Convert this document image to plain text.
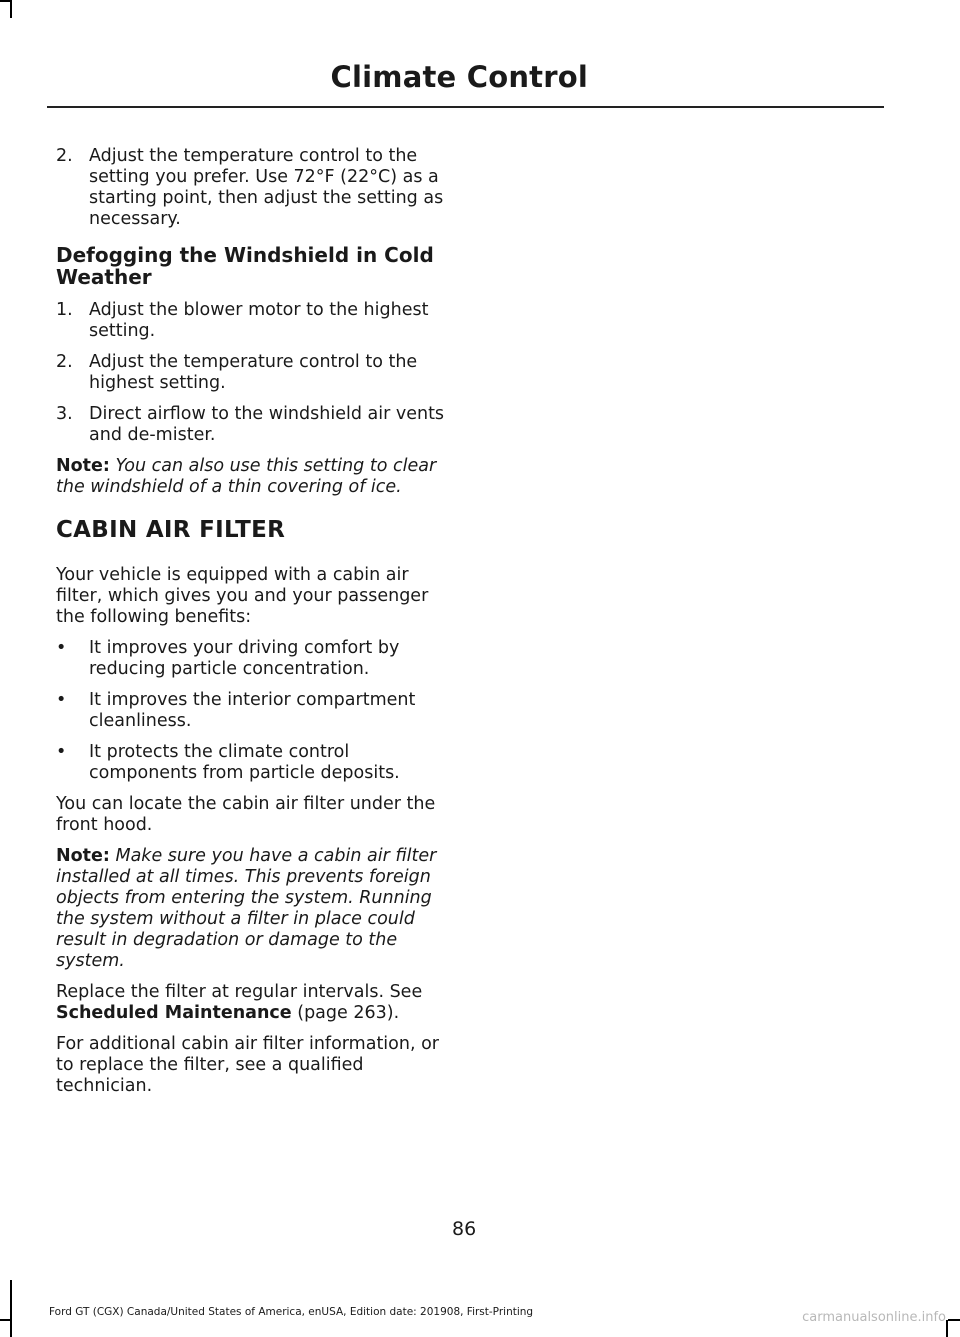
Climate Control
2. Adjust the temperature control to the setting you prefer. Use 72°F (22°C) as a starting point, then adjust the setting as necessary.
Defogging the Windshield in Cold Weather
1. Adjust the blower motor to the highest setting.
2. Adjust the temperature control to the highest setting.
3. Direct airflow to the windshield air vents and de-mister.

Note: You can also use this setting to clear the windshield of a thin covering of ice.

CABIN AIR FILTER

Your vehicle is equipped with a cabin air filter, which gives you and your passenger the following benefits:

• It improves your driving comfort by reducing particle concentration.
• It improves the interior compartment cleanliness.
• It protects the climate control components from particle deposits.

You can locate the cabin air filter under the front hood.

Note: Make sure you have a cabin air filter installed at all times. This prevents foreign objects from entering the system. Running the system without a filter in place could result in degradation or damage to the system.

Replace the filter at regular intervals. See
Scheduled Maintenance (page 263).

For additional cabin air filter information, or to replace the filter, see a qualified technician.

86
Ford GT (CGX) Canada/United States of America, enUSA, Edition date: 201908, First-Printing	carmanualsonline.info
